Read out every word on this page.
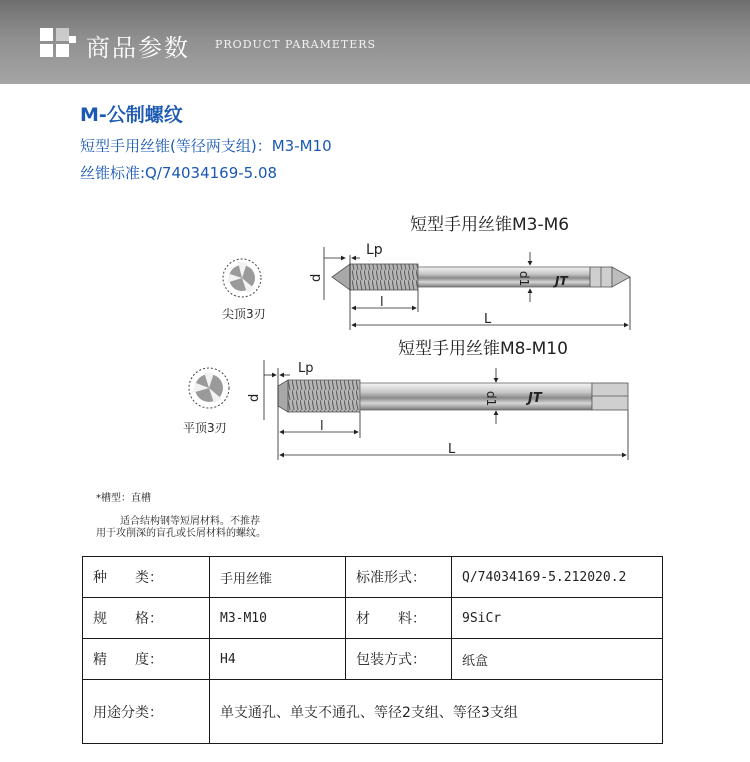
商品参数 PRODUCT PARAMETERS
M-公制螺纹
短型手用丝锥(等径两支组)：M3-M10
丝锥标准:Q/74034169-5.08
短型手用丝锥M3-M6
尖顶3刃
JT
Lp
d	d1
l
L
短型手用丝锥M8-M10
平顶3刃
JT
Lp
d	d1
l
L
*槽型：直槽
适合结构钢等短屑材料。不推荐
用于攻削深的盲孔或长屑材料的螺纹。
种　　类：	手用丝锥	标准形式：	Q/74034169-5.212020.2
规　　格：	M3-M10	材　　料：	9SiCr
精　　度：	H4	包装方式：	纸盒
用途分类：	单支通孔、单支不通孔、等径2支组、等径3支组		
